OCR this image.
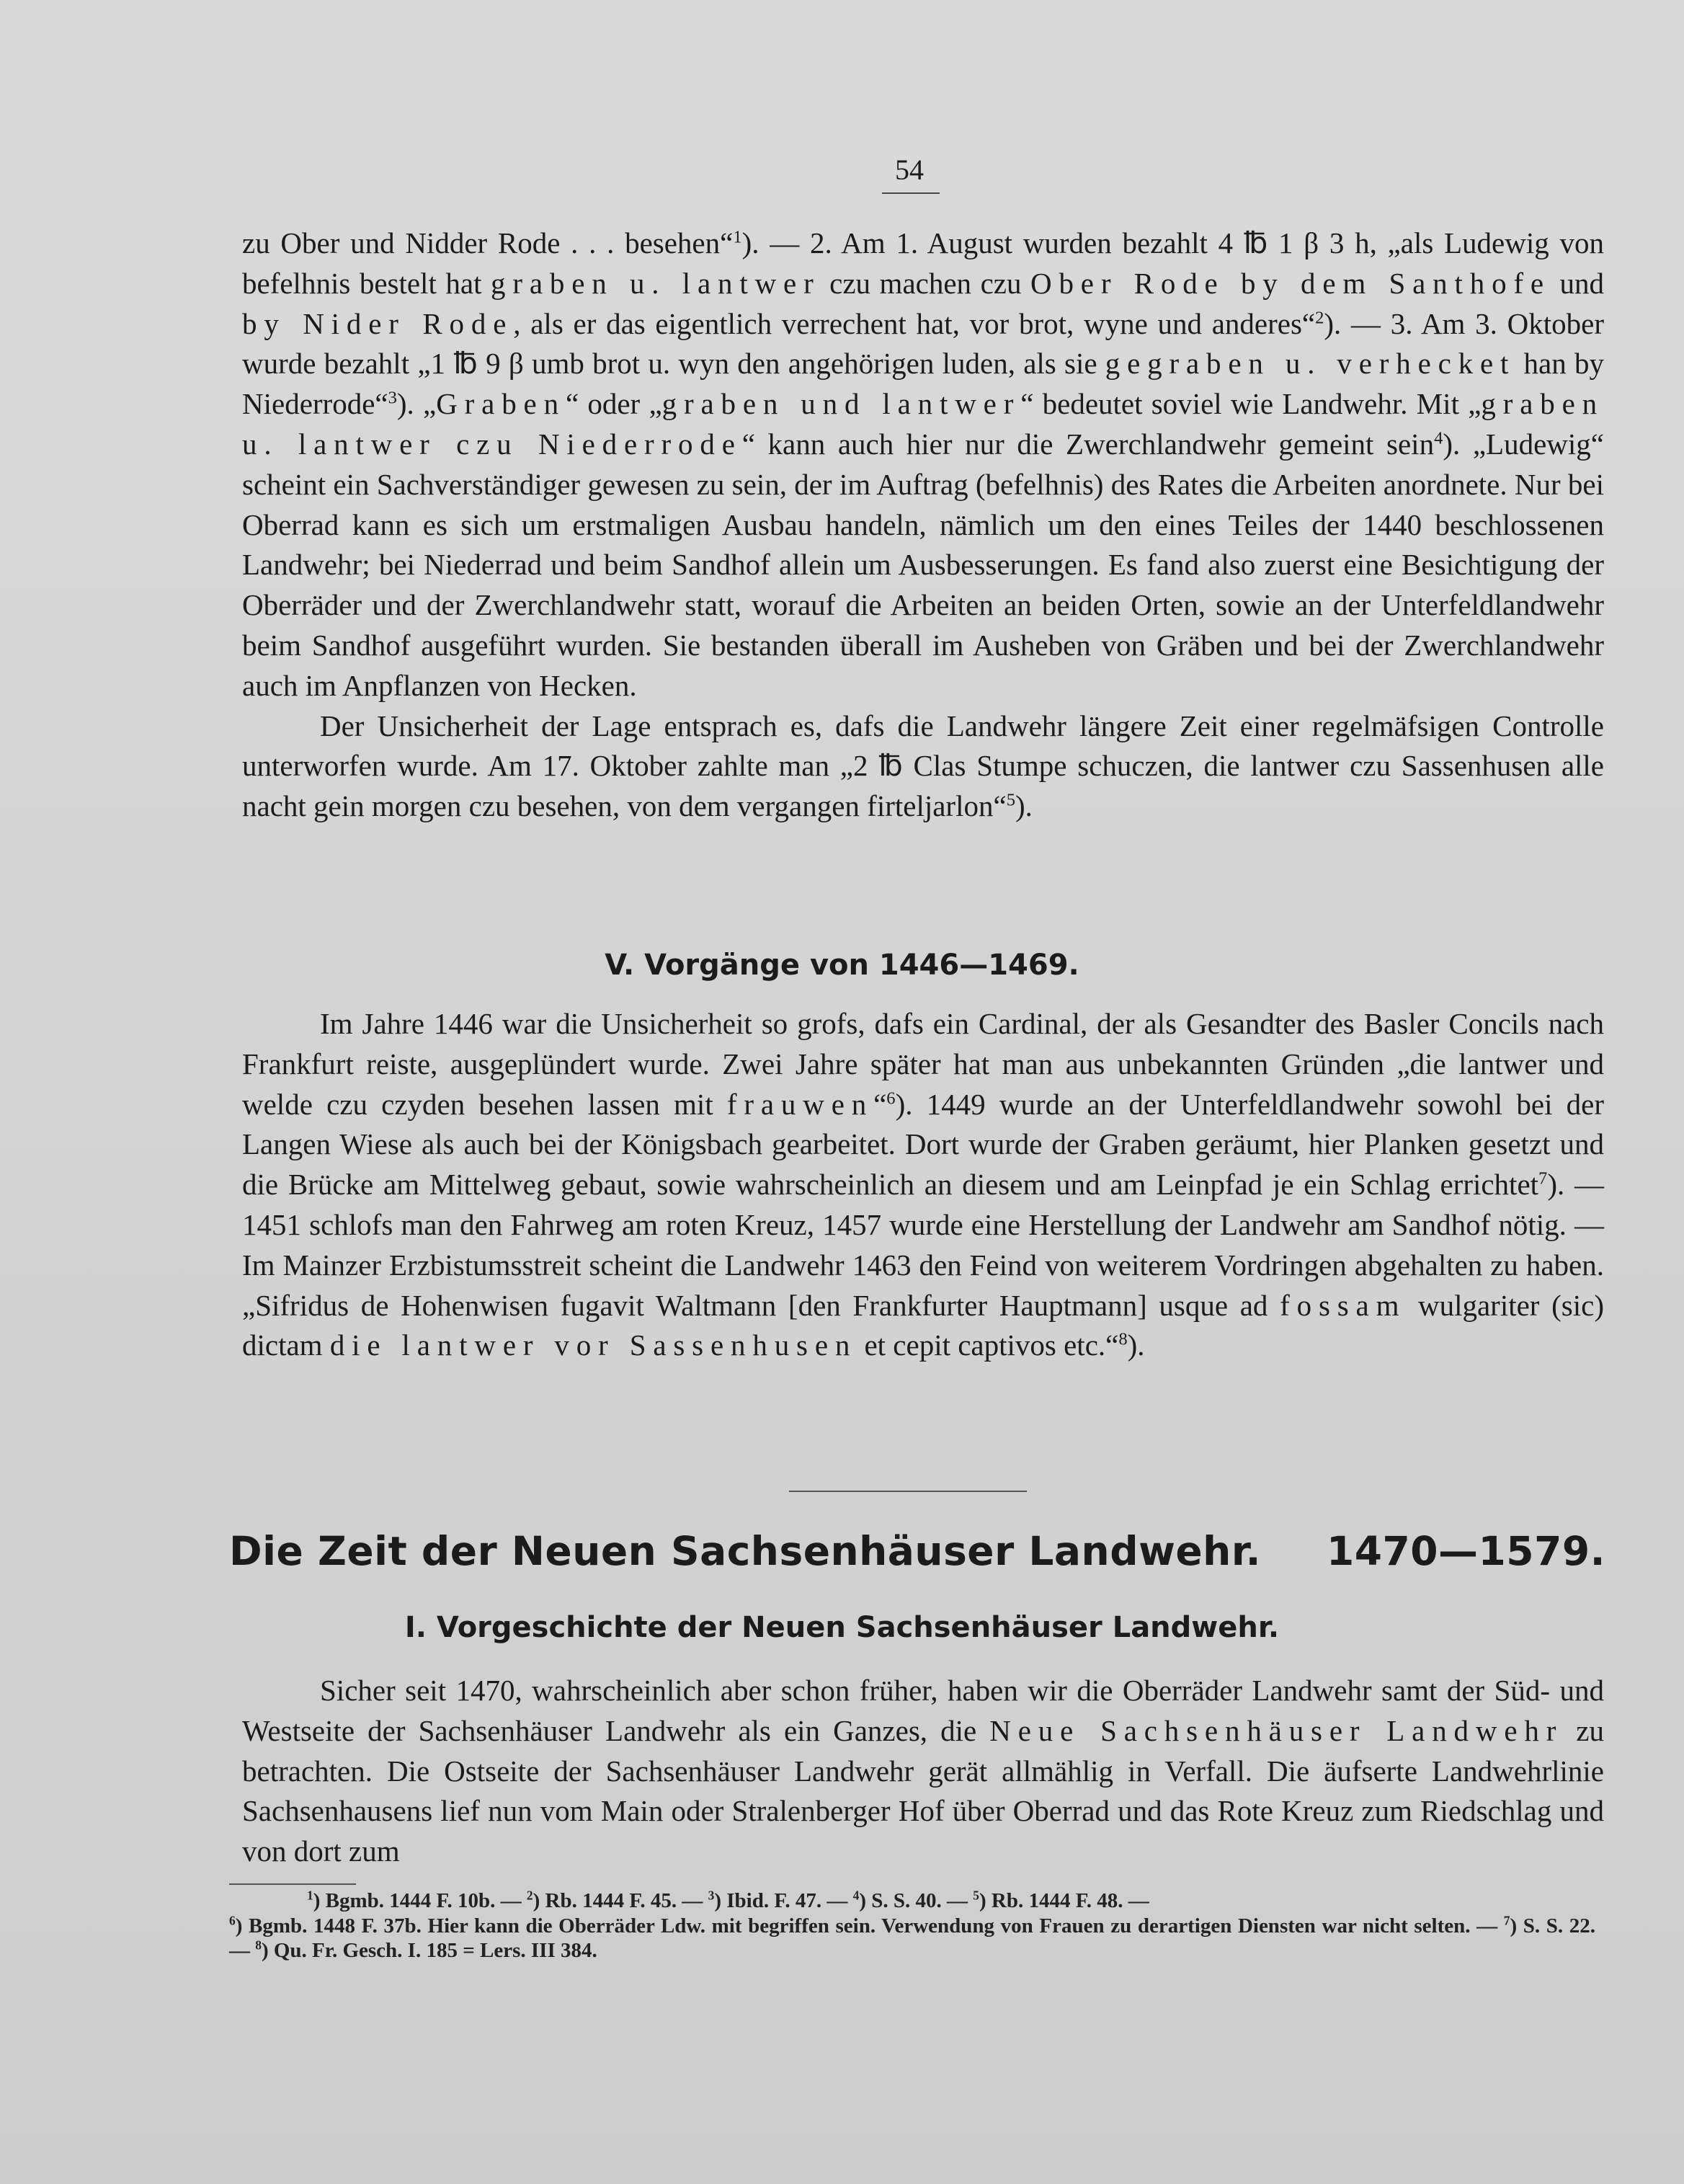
54

zu Ober und Nidder Rode . . . besehen“$^1$). — 2. Am 1. August wurden bezahlt 4 ℔ 1 β 3 h, „als Ludewig von befelhnis bestelt hat graben u. lantwer czu machen czu Ober Rode by dem Santhofe und by Nider Rode, als er das eigentlich verrechent hat, vor brot, wyne und anderes“$^2$). — 3. Am 3. Oktober wurde bezahlt „1 ℔ 9 β umb brot u. wyn den angehörigen luden, als sie gegraben u. verhecket han by Niederrode“$^3$). „Graben“ oder „graben und lantwer“ bedeutet soviel wie Landwehr. Mit „graben u. lantwer czu Niederrode“ kann auch hier nur die Zwerchlandwehr gemeint sein$^4$). „Ludewig“ scheint ein Sachverständiger gewesen zu sein, der im Auftrag (befelhnis) des Rates die Arbeiten anordnete. Nur bei Oberrad kann es sich um erstmaligen Ausbau handeln, nämlich um den eines Teiles der 1440 beschlossenen Landwehr; bei Niederrad und beim Sandhof allein um Ausbesserungen. Es fand also zuerst eine Besichtigung der Oberräder und der Zwerchlandwehr statt, worauf die Arbeiten an beiden Orten, sowie an der Unterfeldlandwehr beim Sandhof ausgeführt wurden. Sie bestanden überall im Ausheben von Gräben und bei der Zwerchlandwehr auch im Anpflanzen von Hecken.

Der Unsicherheit der Lage entsprach es, dafs die Landwehr längere Zeit einer regelmäfsigen Controlle unterworfen wurde. Am 17. Oktober zahlte man „2 ℔ Clas Stumpe schuczen, die lantwer czu Sassenhusen alle nacht gein morgen czu besehen, von dem vergangen firteljarlon“$^5$).

V. Vorgänge von 1446—1469.

Im Jahre 1446 war die Unsicherheit so grofs, dafs ein Cardinal, der als Gesandter des Basler Concils nach Frankfurt reiste, ausgeplündert wurde. Zwei Jahre später hat man aus unbekannten Gründen „die lantwer und welde czu czyden besehen lassen mit frauwen“$^6$). 1449 wurde an der Unterfeldlandwehr sowohl bei der Langen Wiese als auch bei der Königsbach gearbeitet. Dort wurde der Graben geräumt, hier Planken gesetzt und die Brücke am Mittelweg gebaut, sowie wahrscheinlich an diesem und am Leinpfad je ein Schlag errichtet$^7$). — 1451 schlofs man den Fahrweg am roten Kreuz, 1457 wurde eine Herstellung der Landwehr am Sandhof nötig. — Im Mainzer Erzbistumsstreit scheint die Landwehr 1463 den Feind von weiterem Vordringen abgehalten zu haben. „Sifridus de Hohenwisen fugavit Waltmann [den Frankfurter Hauptmann] usque ad fossam wulgariter (sic) dictam die lantwer vor Sassenhusen et cepit captivos etc.“$^8$).

Die Zeit der Neuen Sachsenhäuser Landwehr. 1470—1579.
I. Vorgeschichte der Neuen Sachsenhäuser Landwehr.

Sicher seit 1470, wahrscheinlich aber schon früher, haben wir die Oberräder Landwehr samt der Süd- und Westseite der Sachsenhäuser Landwehr als ein Ganzes, die Neue Sachsenhäuser Landwehr zu betrachten. Die Ostseite der Sachsenhäuser Landwehr gerät allmählig in Verfall. Die äufserte Landwehrlinie Sachsenhausens lief nun vom Main oder Stralenberger Hof über Oberrad und das Rote Kreuz zum Riedschlag und von dort zum

$^1$) Bgmb. 1444 F. 10b. — $^2$) Rb. 1444 F. 45. — $^3$) Ibid. F. 47. — $^4$) S. S. 40. — $^5$) Rb. 1444 F. 48. —

$^6$) Bgmb. 1448 F. 37b. Hier kann die Oberräder Ldw. mit begriffen sein. Verwendung von Frauen zu derartigen Diensten war nicht selten. — $^7$) S. S. 22. — $^8$) Qu. Fr. Gesch. I. 185 = Lers. III 384.
